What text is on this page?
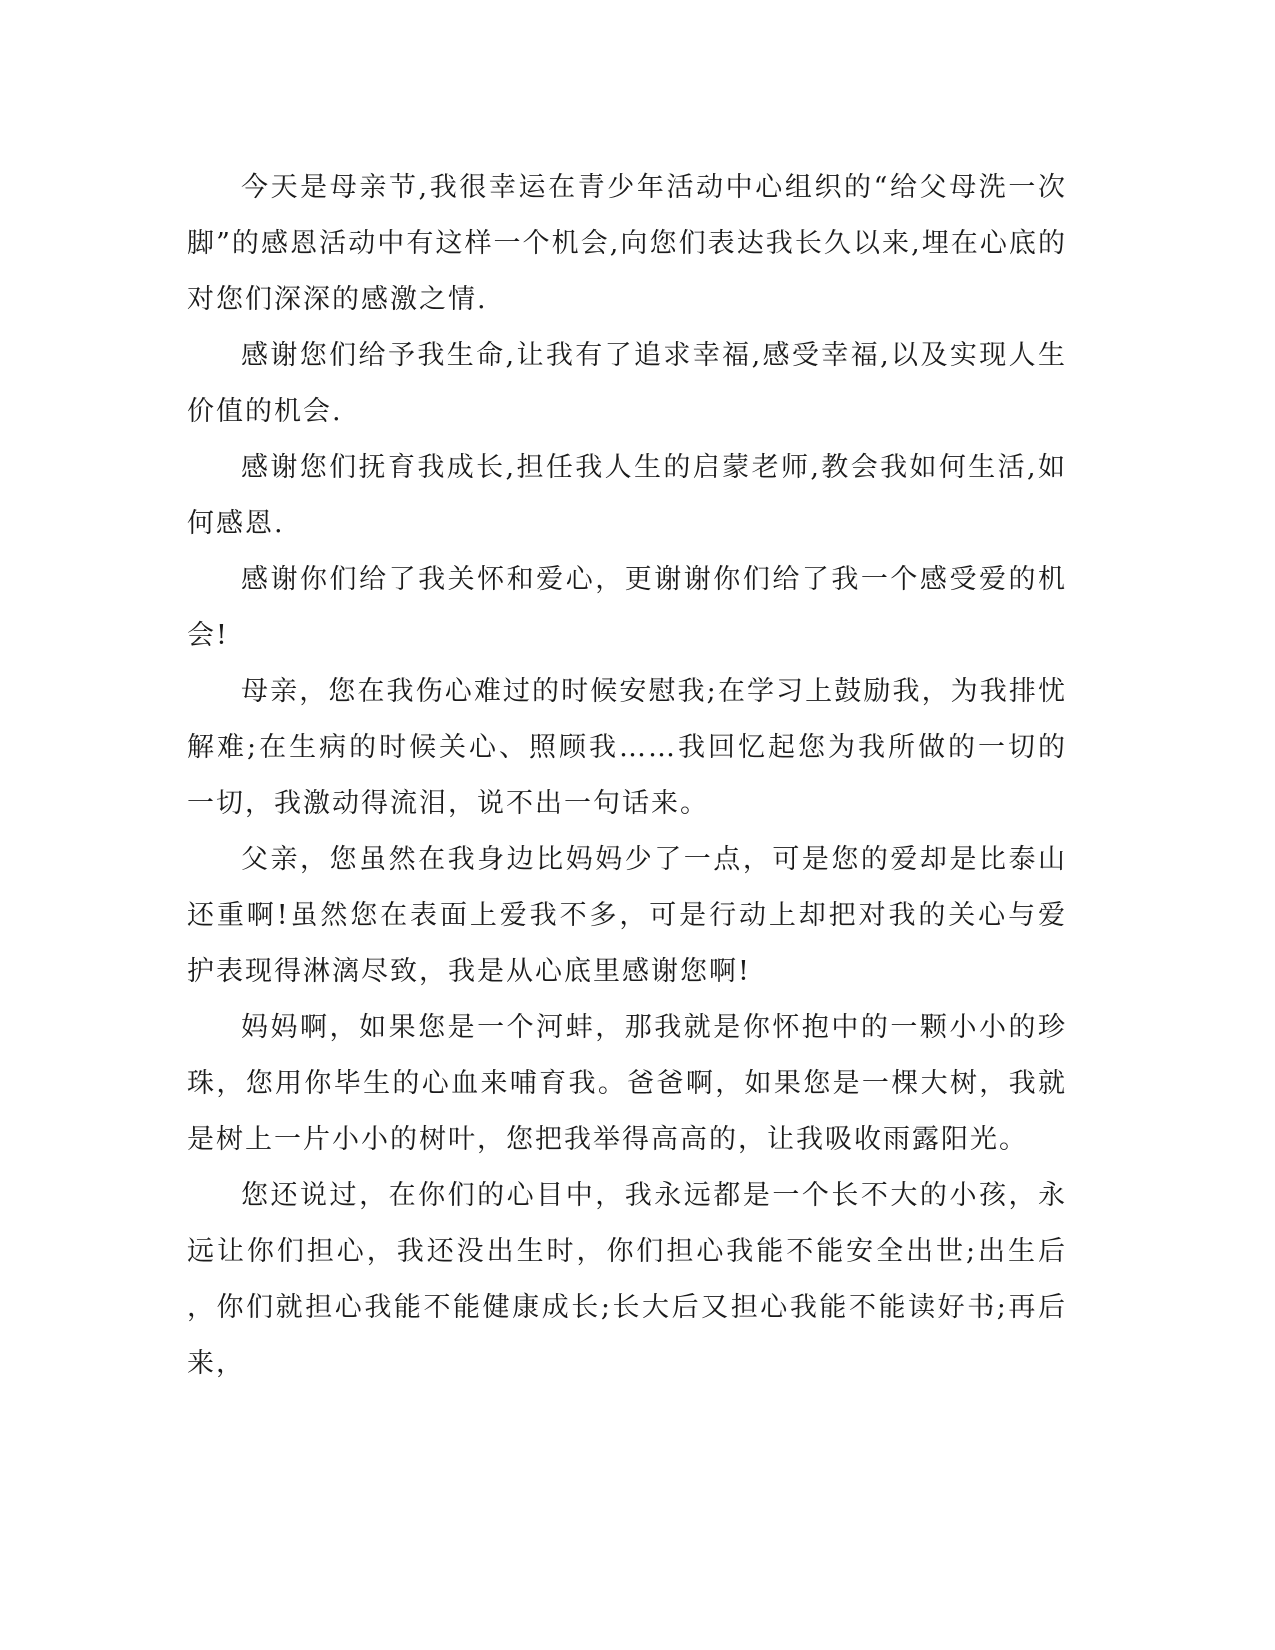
今天是母亲节,我很幸运在青少年活动中心组织的“给父母洗一次脚”的感恩活动中有这样一个机会,向您们表达我长久以来,埋在心底的对您们深深的感激之情.

感谢您们给予我生命,让我有了追求幸福,感受幸福,以及实现人生价值的机会.

感谢您们抚育我成长,担任我人生的启蒙老师,教会我如何生活,如何感恩.

感谢你们给了我关怀和爱心，更谢谢你们给了我一个感受爱的机会!

母亲，您在我伤心难过的时候安慰我;在学习上鼓励我，为我排忧解难;在生病的时候关心、照顾我……我回忆起您为我所做的一切的一切，我激动得流泪，说不出一句话来。

父亲，您虽然在我身边比妈妈少了一点，可是您的爱却是比泰山还重啊!虽然您在表面上爱我不多，可是行动上却把对我的关心与爱护表现得淋漓尽致，我是从心底里感谢您啊!

妈妈啊，如果您是一个河蚌，那我就是你怀抱中的一颗小小的珍珠，您用你毕生的心血来哺育我。爸爸啊，如果您是一棵大树，我就是树上一片小小的树叶，您把我举得高高的，让我吸收雨露阳光。

您还说过，在你们的心目中，我永远都是一个长不大的小孩，永远让你们担心，我还没出生时，你们担心我能不能安全出世;出生后，你们就担心我能不能健康成长;长大后又担心我能不能读好书;再后来，
